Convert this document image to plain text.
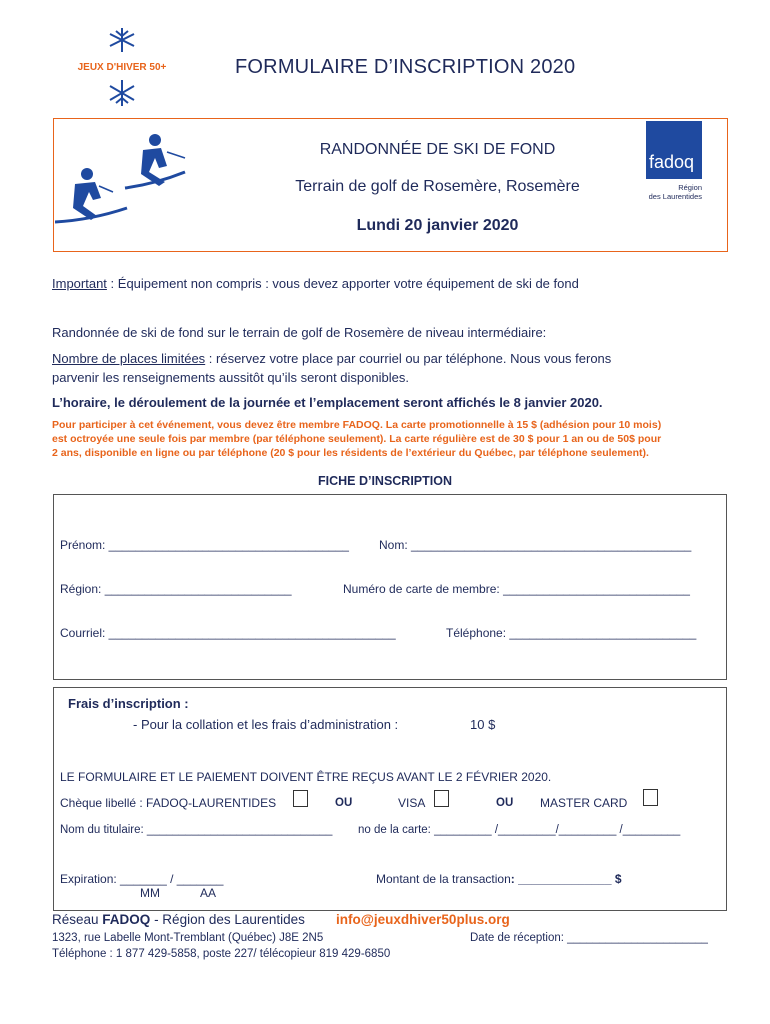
JEUX D'HIVER 50+	FORMULAIRE D’INSCRIPTION 2020
RANDONNÉE DE SKI DE FOND
Terrain de golf de Rosemère, Rosemère
Lundi 20 janvier 2020
fadoq
Région
des Laurentides
Important : Équipement non compris : vous devez apporter votre équipement de ski de fond
Randonnée de ski de fond sur le terrain de golf de Rosemère de niveau intermédiaire:
Nombre de places limitées : réservez votre place par courriel ou par téléphone. Nous vous ferons
parvenir les renseignements aussitôt qu’ils seront disponibles.
L’horaire, le déroulement de la journée et l’emplacement seront affichés le 8 janvier 2020.
Pour participer à cet événement, vous devez être membre FADOQ. La carte promotionnelle à 15 $ (adhésion pour 10 mois)
est octroyée une seule fois par membre (par téléphone seulement). La carte régulière est de 30 $ pour 1 an ou de 50$ pour
2 ans, disponible en ligne ou par téléphone (20 $ pour les résidents de l’extérieur du Québec, par téléphone seulement).
FICHE D’INSCRIPTION
Prénom: ____________________________________	Nom: __________________________________________
Région: ____________________________	Numéro de carte de membre: ____________________________
Courriel: ___________________________________________	Téléphone: ____________________________
Frais d’inscription :
- Pour la collation et les frais d’administration :	10 $
LE FORMULAIRE ET LE PAIEMENT DOIVENT ÊTRE REÇUS AVANT LE 2 FÉVRIER 2020.
Chèque libellé : FADOQ-LAURENTIDES	OU	VISA	OU MASTER CARD
Nom du titulaire: _____________________________ no de la carte: _________ /_________/_________ /_________
Expiration: _______ / _______
MM	AA
Montant de la transaction: ______________ $
Réseau FADOQ - Région des Laurentides info@jeuxdhiver50plus.org
1323, rue Labelle Mont-Tremblant (Québec) J8E 2N5	Date de réception: ______________________
Téléphone : 1 877 429-5858, poste 227/ télécopieur 819 429-6850
